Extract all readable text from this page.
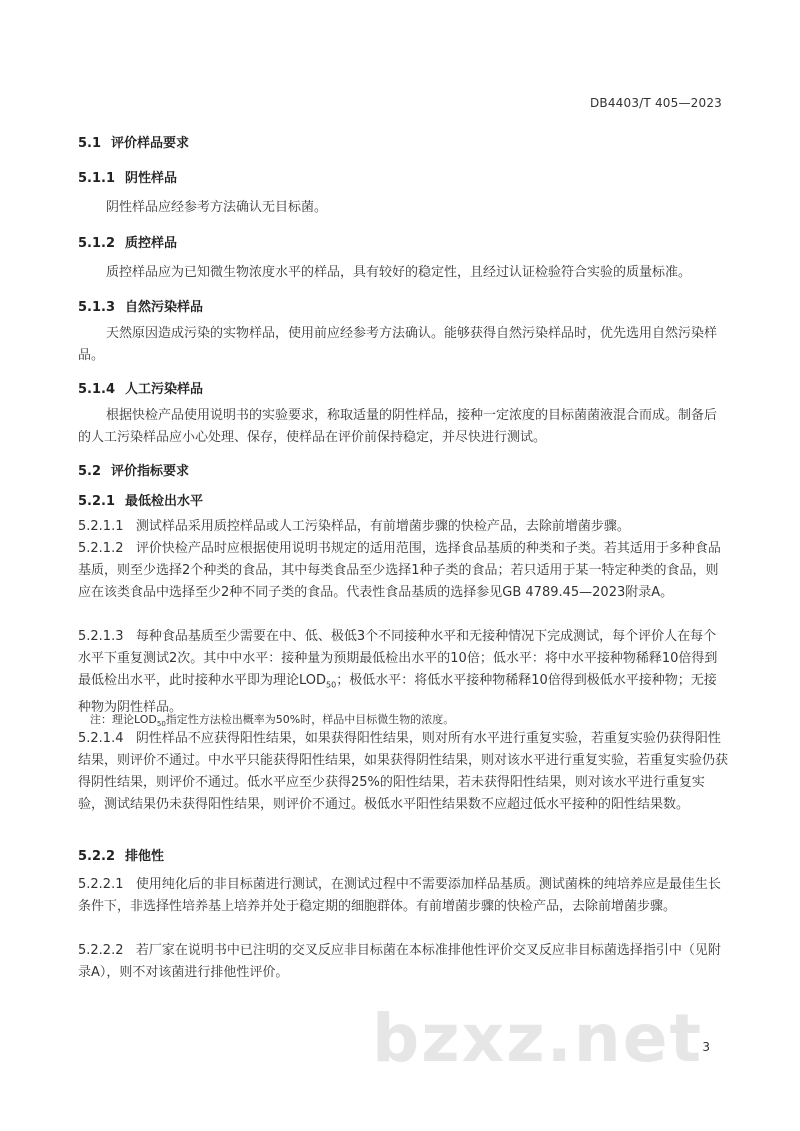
DB4403/T 405—2023
5.1 评价样品要求
5.1.1 阴性样品
阴性样品应经参考方法确认无目标菌。
5.1.2 质控样品
质控样品应为已知微生物浓度水平的样品，具有较好的稳定性，且经过认证检验符合实验的质量标准。
5.1.3 自然污染样品
天然原因造成污染的实物样品，使用前应经参考方法确认。能够获得自然污染样品时，优先选用自然污染样品。
5.1.4 人工污染样品
根据快检产品使用说明书的实验要求，称取适量的阴性样品，接种一定浓度的目标菌菌液混合而成。制备后的人工污染样品应小心处理、保存，使样品在评价前保持稳定，并尽快进行测试。
5.2 评价指标要求
5.2.1 最低检出水平
5.2.1.1 测试样品采用质控样品或人工污染样品，有前增菌步骤的快检产品，去除前增菌步骤。
5.2.1.2 评价快检产品时应根据使用说明书规定的适用范围，选择食品基质的种类和子类。若其适用于多种食品基质，则至少选择2个种类的食品，其中每类食品至少选择1种子类的食品；若只适用于某一特定种类的食品，则应在该类食品中选择至少2种不同子类的食品。代表性食品基质的选择参见GB 4789.45—2023附录A。
5.2.1.3 每种食品基质至少需要在中、低、极低3个不同接种水平和无接种情况下完成测试，每个评价人在每个水平下重复测试2次。其中中水平：接种量为预期最低检出水平的10倍；低水平：将中水平接种物稀释10倍得到最低检出水平，此时接种水平即为理论$LOD_{50}$；极低水平：将低水平接种物稀释10倍得到极低水平接种物；无接种物为阴性样品。
注：理论$LOD_{50}$指定性方法检出概率为50%时，样品中目标微生物的浓度。
5.2.1.4 阴性样品不应获得阳性结果，如果获得阳性结果，则对所有水平进行重复实验，若重复实验仍获得阳性结果，则评价不通过。中水平只能获得阳性结果，如果获得阴性结果，则对该水平进行重复实验，若重复实验仍获得阴性结果，则评价不通过。低水平应至少获得25%的阳性结果，若未获得阳性结果，则对该水平进行重复实验，测试结果仍未获得阳性结果，则评价不通过。极低水平阳性结果数不应超过低水平接种的阳性结果数。
5.2.2 排他性
5.2.2.1 使用纯化后的非目标菌进行测试，在测试过程中不需要添加样品基质。测试菌株的纯培养应是最佳生长条件下，非选择性培养基上培养并处于稳定期的细胞群体。有前增菌步骤的快检产品，去除前增菌步骤。
5.2.2.2 若厂家在说明书中已注明的交叉反应非目标菌在本标准排他性评价交叉反应非目标菌选择指引中（见附录A），则不对该菌进行排他性评价。
bzxz.net 3
